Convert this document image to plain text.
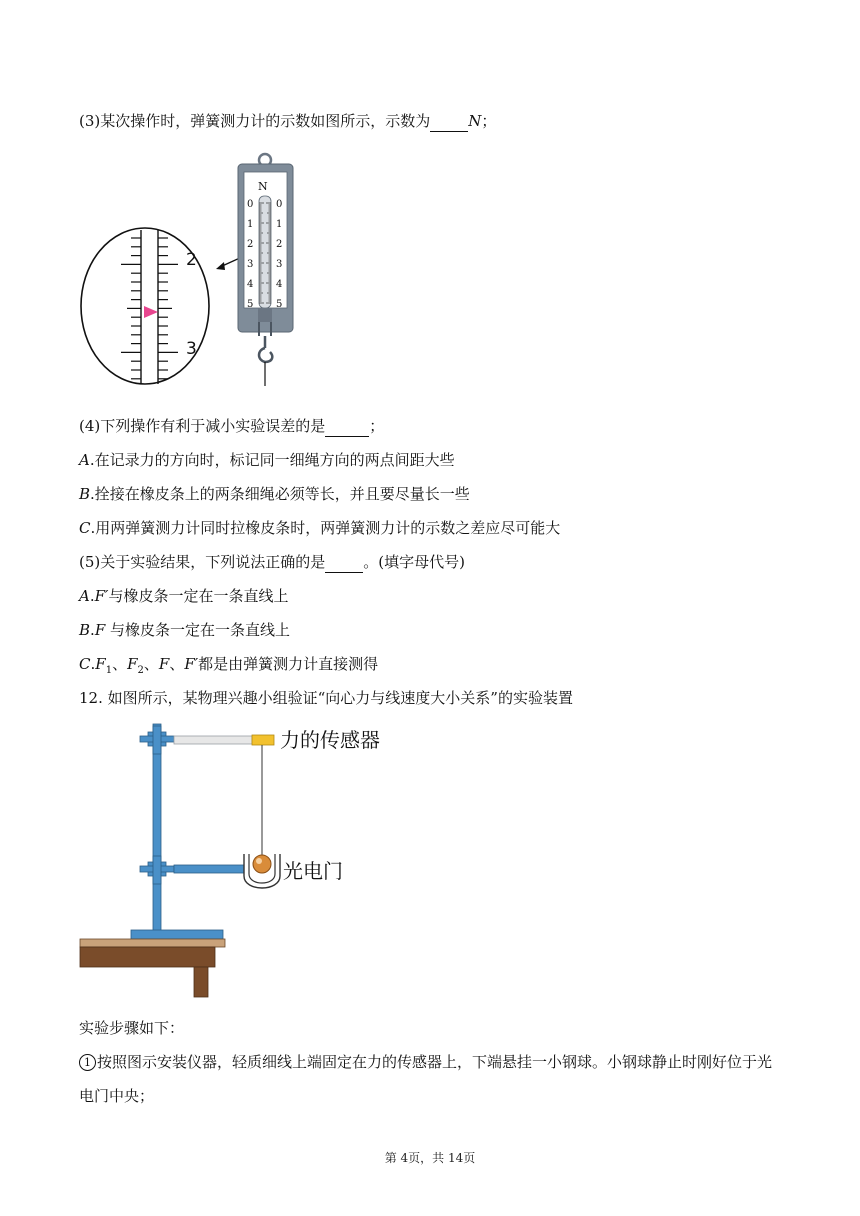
(3)某次操作时，弹簧测力计的示数如图所示，示数为	N；
2
3
N
0
1
2
3
4
5
0
1
2
3
4
5
(4)下列操作有利于减小实验误差的是	；
A.在记录力的方向时，标记同一细绳方向的两点间距大些
B.拴接在橡皮条上的两条细绳必须等长，并且要尽量长一些
C.用两弹簧测力计同时拉橡皮条时，两弹簧测力计的示数之差应尽可能大
(5)关于实验结果，下列说法正确的是	。(填字母代号)
A.F′与橡皮条一定在一条直线上
B.F 与橡皮条一定在一条直线上
$C.F_1$、$F_2$、F、F′都是由弹簧测力计直接测得
12. 如图所示，某物理兴趣小组验证“向心力与线速度大小关系”的实验装置
力的传感器
光电门
实验步骤如下：
1 按照图示安装仪器，轻质细线上端固定在力的传感器上，下端悬挂一小钢球。小钢球静止时刚好位于光
电门中央；
第 4页，共 14页
